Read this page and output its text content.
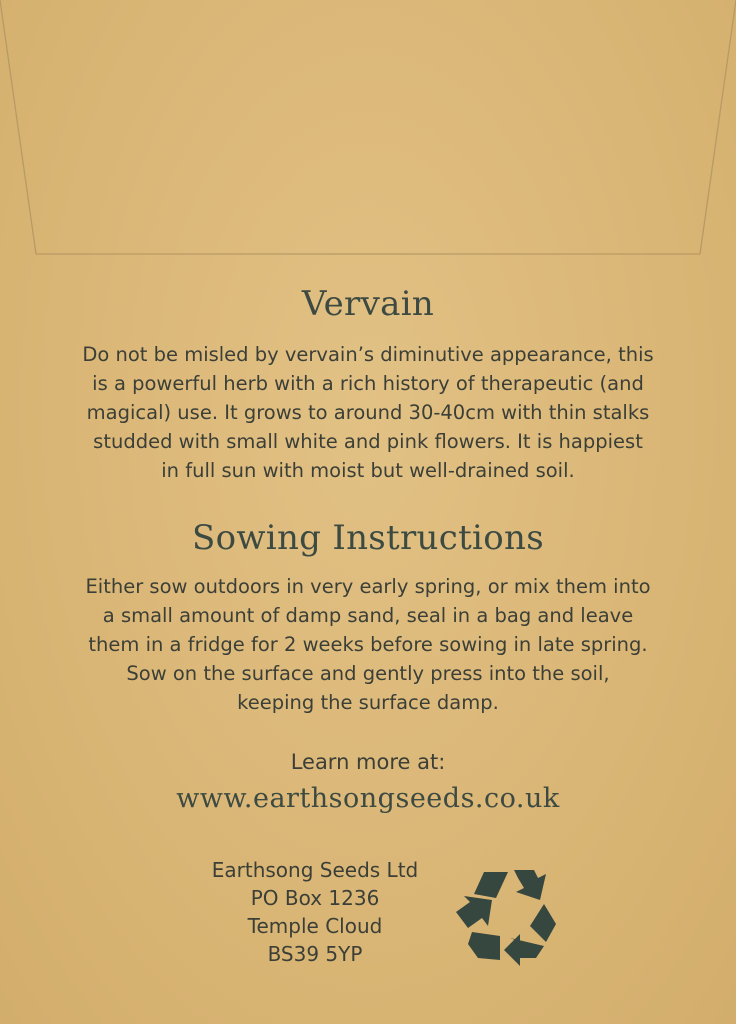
Vervain
Do not be misled by vervain’s diminutive appearance, this
is a powerful herb with a rich history of therapeutic (and
magical) use. It grows to around 30-40cm with thin stalks
studded with small white and pink flowers. It is happiest
in full sun with moist but well-drained soil.
Sowing Instructions
Either sow outdoors in very early spring, or mix them into
a small amount of damp sand, seal in a bag and leave
them in a fridge for 2 weeks before sowing in late spring.
Sow on the surface and gently press into the soil,
keeping the surface damp.
Learn more at:
www.earthsongseeds.co.uk
Earthsong Seeds Ltd
PO Box 1236
Temple Cloud
BS39 5YP
